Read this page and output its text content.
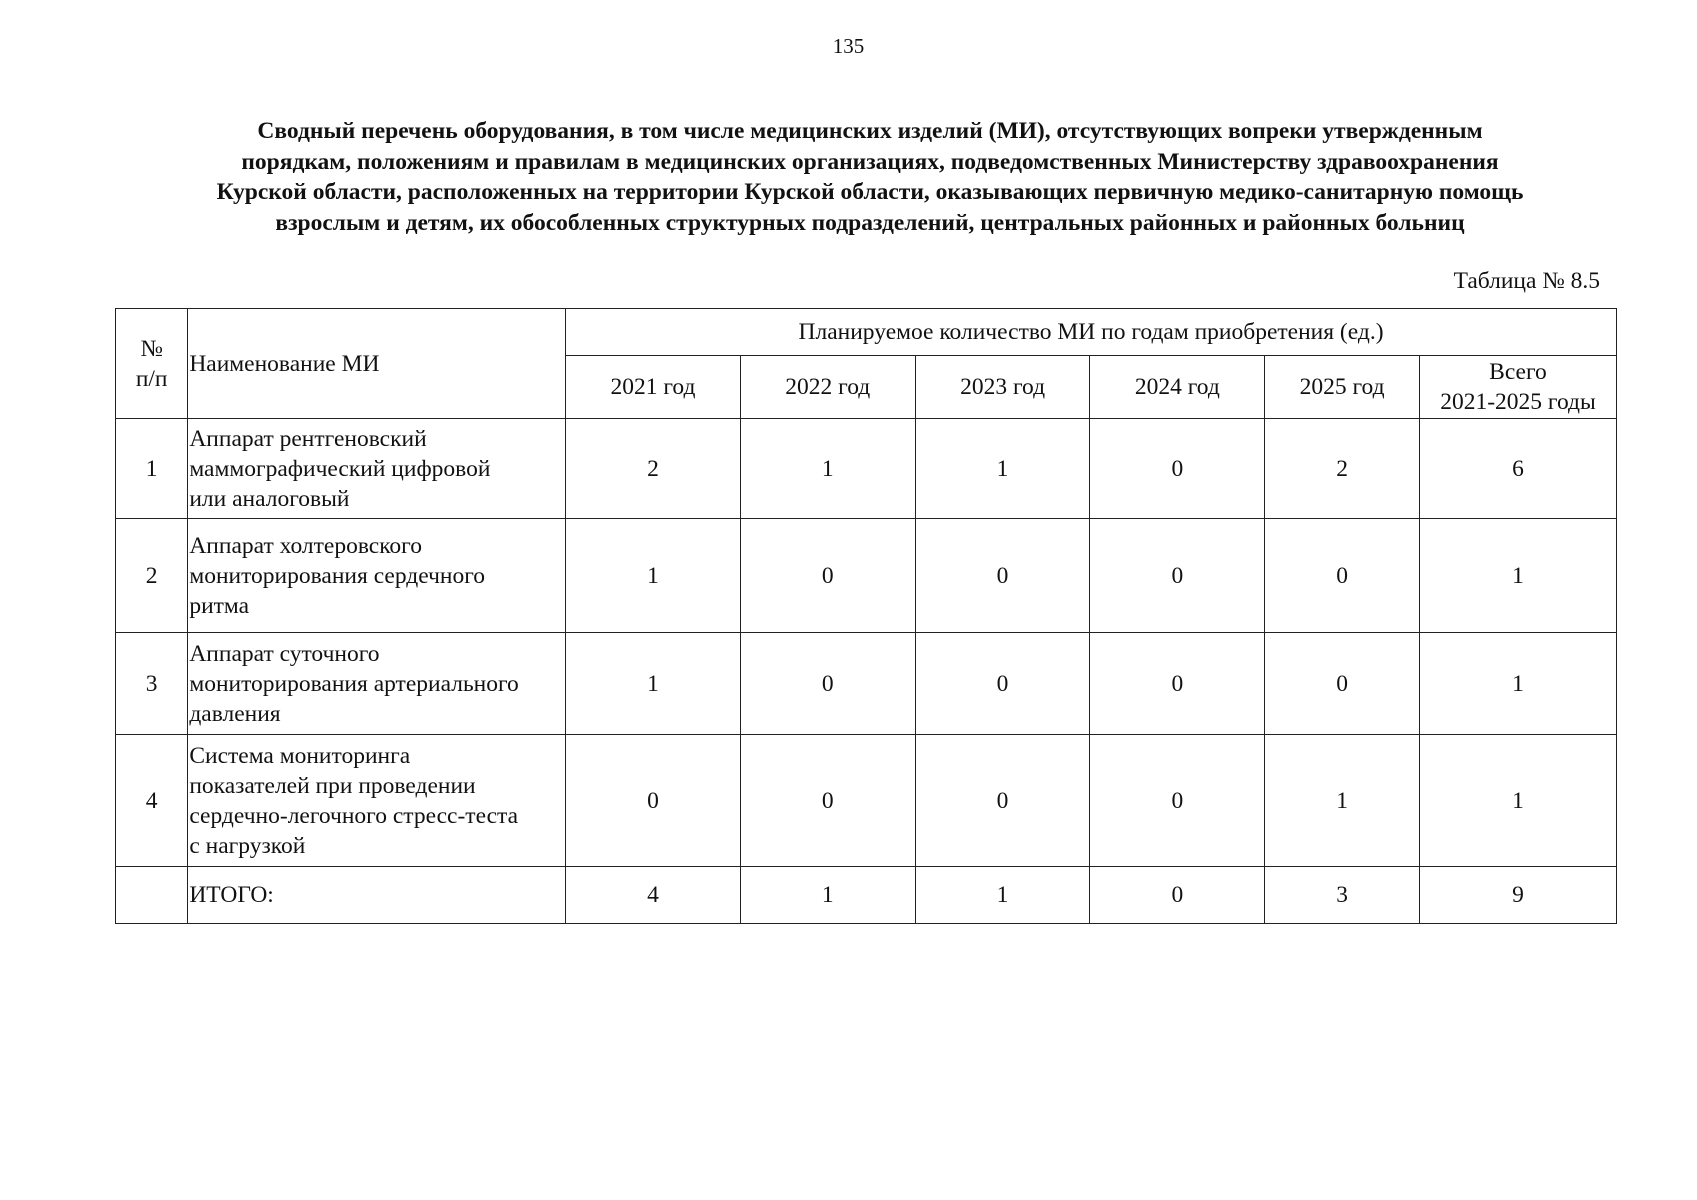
135
Сводный перечень оборудования, в том числе медицинских изделий (МИ), отсутствующих вопреки утвержденным
порядкам, положениям и правилам в медицинских организациях, подведомственных Министерству здравоохранения
Курской области, расположенных на территории Курской области, оказывающих первичную медико-санитарную помощь
взрослым и детям, их обособленных структурных подразделений, центральных районных и районных больниц
Таблица № 8.5
№
п/п	Наименование МИ	Планируемое количество МИ по годам приобретения (ед.)					
		2021 год	2022 год	2023 год	2024 год	2025 год	Всего
2021-2025 годы

1	Аппарат рентгеновский
маммографический цифровой
или аналоговый	2	1	1	0	2	6
2	Аппарат холтеровского
мониторирования сердечного
ритма	1	0	0	0	0	1
3	Аппарат суточного
мониторирования артериального
давления	1	0	0	0	0	1
4	Система мониторинга
показателей при проведении
сердечно-легочного стресс-теста
с нагрузкой	0	0	0	0	1	1
	ИТОГО:	4	1	1	0	3	9
